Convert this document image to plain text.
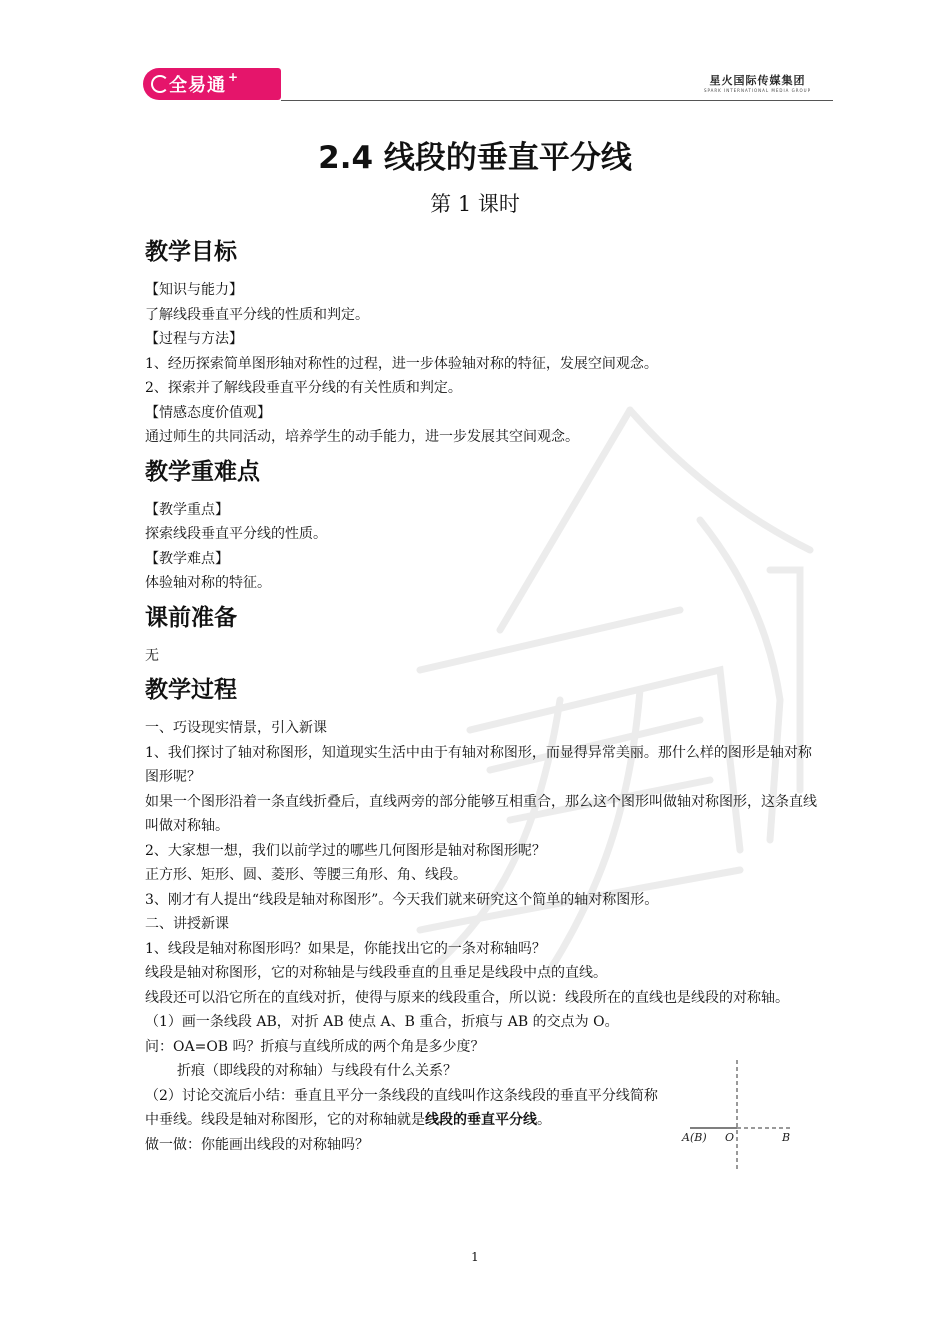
全易通 +	星火国际传媒集团
SPARK INTERNATIONAL MEDIA GROUP
2.4 线段的垂直平分线
第 1 课时
教学目标

【知识与能力】

了解线段垂直平分线的性质和判定。

【过程与方法】

1、经历探索简单图形轴对称性的过程，进一步体验轴对称的特征，发展空间观念。

2、探索并了解线段垂直平分线的有关性质和判定。

【情感态度价值观】

通过师生的共同活动，培养学生的动手能力，进一步发展其空间观念。

教学重难点

【教学重点】

探索线段垂直平分线的性质。

【教学难点】

体验轴对称的特征。

课前准备

无

教学过程

一、巧设现实情景，引入新课

1、我们探讨了轴对称图形，知道现实生活中由于有轴对称图形，而显得异常美丽。那什么样的图形是轴对称图形呢？

如果一个图形沿着一条直线折叠后，直线两旁的部分能够互相重合，那么这个图形叫做轴对称图形，这条直线叫做对称轴。

2、大家想一想，我们以前学过的哪些几何图形是轴对称图形呢？

正方形、矩形、圆、菱形、等腰三角形、角、线段。

3、刚才有人提出“线段是轴对称图形”。今天我们就来研究这个简单的轴对称图形。

二、讲授新课

1、线段是轴对称图形吗？如果是，你能找出它的一条对称轴吗？

线段是轴对称图形，它的对称轴是与线段垂直的且垂足是线段中点的直线。

线段还可以沿它所在的直线对折，使得与原来的线段重合，所以说：线段所在的直线也是线段的对称轴。

（1）画一条线段 AB，对折 AB 使点 A、B 重合，折痕与 AB 的交点为 O。

问：OA=OB 吗？折痕与直线所成的两个角是多少度？

折痕（即线段的对称轴）与线段有什么关系？

（2）讨论交流后小结：垂直且平分一条线段的直线叫作这条线段的垂直平分线简称中垂线。线段是轴对称图形，它的对称轴就是线段的垂直平分线。

做一做：你能画出线段的对称轴吗？	A(B) O	B
1
